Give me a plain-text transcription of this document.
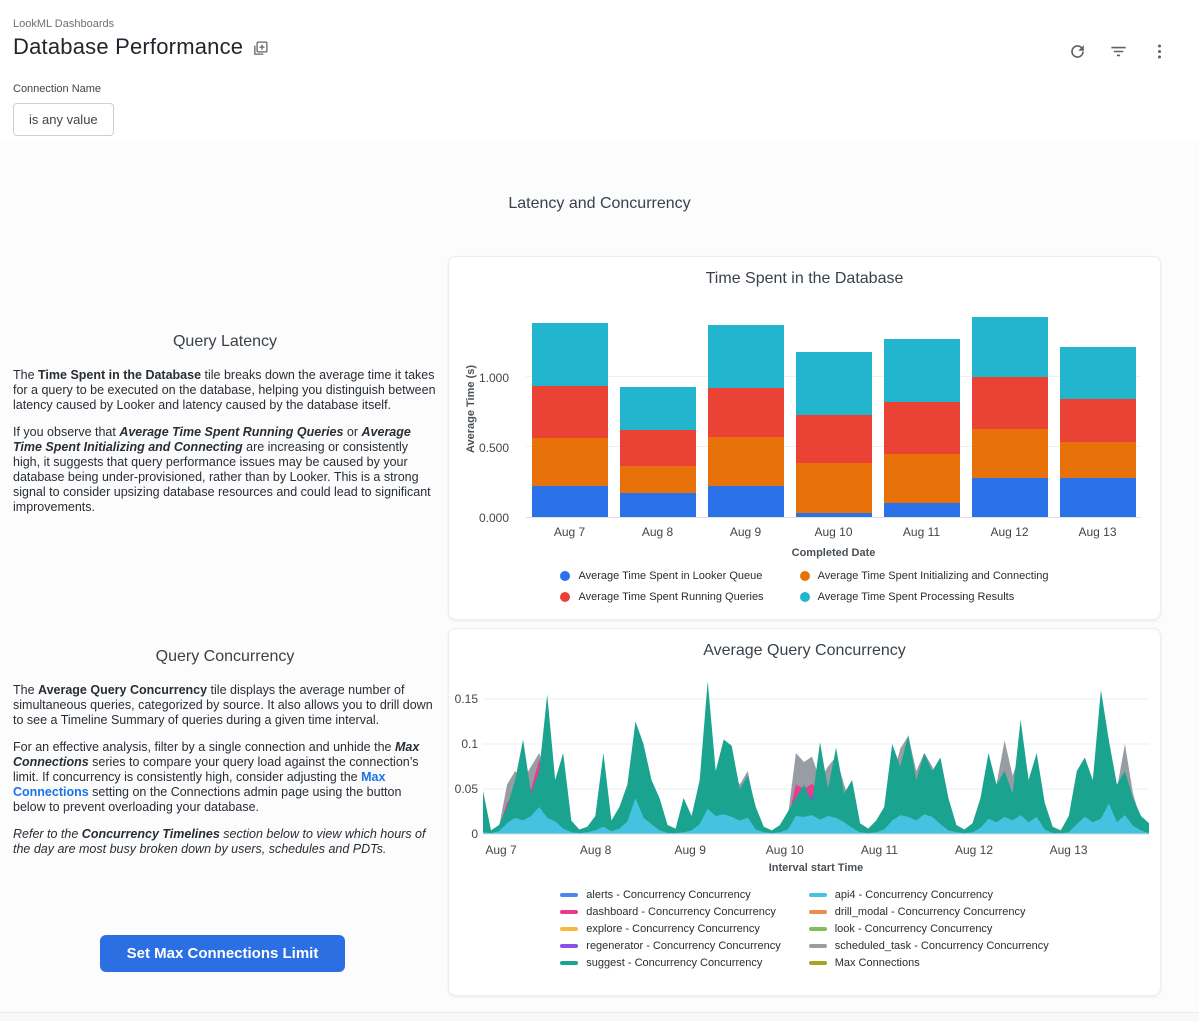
LookML Dashboards
Database Performance
Connection Name
is any value
Latency and Concurrency
Query Latency

The Time Spent in the Database tile breaks down the average time it takes for a query to be executed on the database, helping you distinguish between latency caused by Looker and latency caused by the database itself.

If you observe that Average Time Spent Running Queries or Average Time Spent Initializing and Connecting are increasing or consistently high, it suggests that query performance issues may be caused by your database being under-provisioned, rather than by Looker. This is a strong signal to consider upsizing database resources and could lead to significant improvements.

Query Concurrency

The Average Query Concurrency tile displays the average number of simultaneous queries, categorized by source. It also allows you to drill down to see a Timeline Summary of queries during a given time interval.

For an effective analysis, filter by a single connection and unhide the Max Connections series to compare your query load against the connection’s limit. If concurrency is consistently high, consider adjusting the Max Connections setting on the Connections admin page using the button below to prevent overloading your database.

Refer to the Concurrency Timelines section below to view which hours of the day are most busy broken down by users, schedules and PDTs.

Set Max Connections Limit
Time Spent in the Database
Average Time (s)
0.000
0.500
1.000
Aug 7	Aug 8	Aug 9	Aug 10	Aug 11	Aug 12	Aug 13
Completed Date
Average Time Spent in Looker Queue
Average Time Spent Running Queries
Average Time Spent Initializing and Connecting
Average Time Spent Processing Results
Average Query Concurrency
0
0.05
0.1
0.15
Aug 7	Aug 8	Aug 9	Aug 10	Aug 11	Aug 12	Aug 13
Interval start Time
alerts - Concurrency Concurrency
dashboard - Concurrency Concurrency
explore - Concurrency Concurrency
regenerator - Concurrency Concurrency
suggest - Concurrency Concurrency
api4 - Concurrency Concurrency
drill_modal - Concurrency Concurrency
look - Concurrency Concurrency
scheduled_task - Concurrency Concurrency
Max Connections
